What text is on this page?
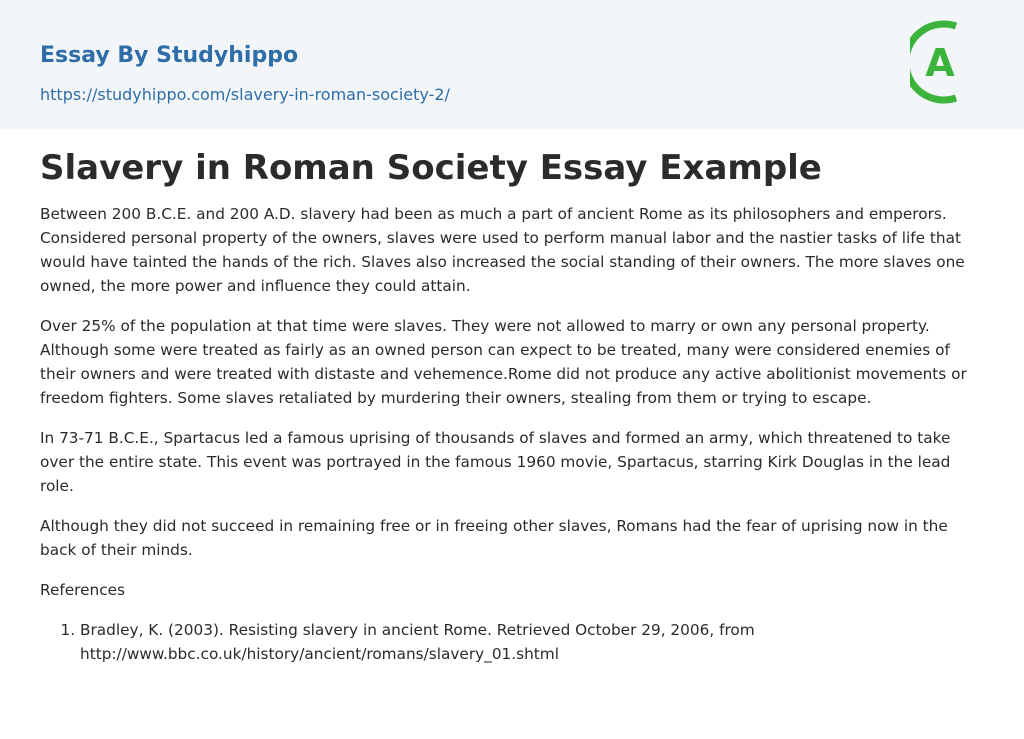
Essay By Studyhippo
https://studyhippo.com/slavery-in-roman-society-2/
A
Slavery in Roman Society Essay Example

Between 200 B.C.E. and 200 A.D. slavery had been as much a part of ancient Rome as its philosophers and emperors. Considered personal property of the owners, slaves were used to perform manual labor and the nastier tasks of life that would have tainted the hands of the rich. Slaves also increased the social standing of their owners. The more slaves one owned, the more power and influence they could attain.

Over 25% of the population at that time were slaves. They were not allowed to marry or own any personal property. Although some were treated as fairly as an owned person can expect to be treated, many were considered enemies of their owners and were treated with distaste and vehemence.Rome did not produce any active abolitionist movements or freedom fighters. Some slaves retaliated by murdering their owners, stealing from them or trying to escape.

In 73-71 B.C.E., Spartacus led a famous uprising of thousands of slaves and formed an army, which threatened to take over the entire state. This event was portrayed in the famous 1960 movie, Spartacus, starring Kirk Douglas in the lead role.

Although they did not succeed in remaining free or in freeing other slaves, Romans had the fear of uprising now in the back of their minds.

References

1. Bradley, K. (2003). Resisting slavery in ancient Rome. Retrieved October 29, 2006, from http://www.bbc.co.uk/history/ancient/romans/slavery_01.shtml
